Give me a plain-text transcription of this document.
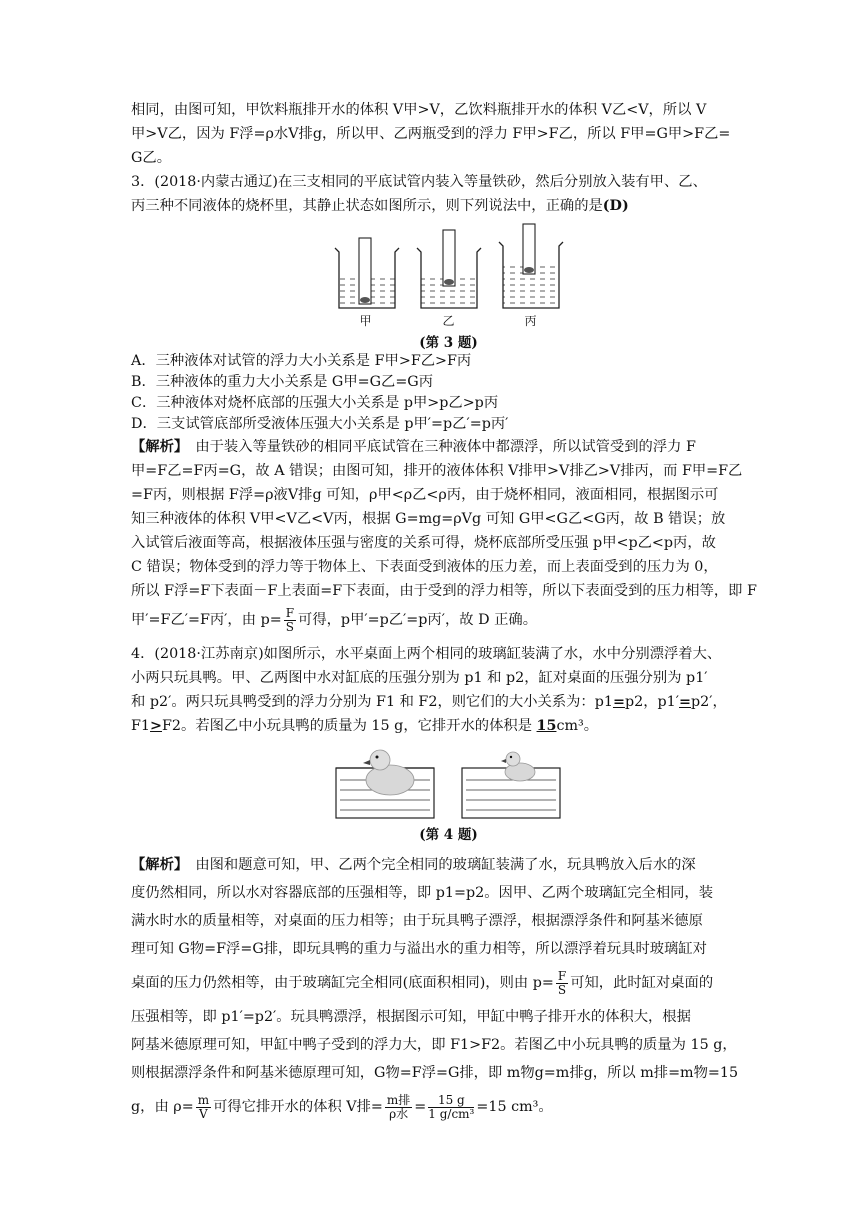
相同，由图可知，甲饮料瓶排开水的体积 V甲>V，乙饮料瓶排开水的体积 V乙<V，所以 V

甲>V乙，因为 F浮=ρ水V排g，所以甲、乙两瓶受到的浮力 F甲>F乙，所以 F甲=G甲>F乙=

G乙。

3．(2018·内蒙古通辽)在三支相同的平底试管内装入等量铁砂，然后分别放入装有甲、乙、

丙三种不同液体的烧杯里，其静止状态如图所示，则下列说法中，正确的是(D)

甲	乙	丙
(第 3 题)

A．三种液体对试管的浮力大小关系是 F甲>F乙>F丙

B．三种液体的重力大小关系是 G甲=G乙=G丙

C．三种液体对烧杯底部的压强大小关系是 p甲>p乙>p丙

D．三支试管底部所受液体压强大小关系是 p甲′=p乙′=p丙′

【解析】　 由于装入等量铁砂的相同平底试管在三种液体中都漂浮，所以试管受到的浮力 F

甲=F乙=F丙=G，故 A 错误；由图可知，排开的液体体积 V排甲>V排乙>V排丙，而 F甲=F乙

=F丙，则根据 F浮=ρ液V排g 可知，ρ甲<ρ乙<ρ丙，由于烧杯相同，液面相同，根据图示可

知三种液体的体积 V甲<V乙<V丙，根据 G=mg=ρVg 可知 G甲<G乙<G丙，故 B 错误；放

入试管后液面等高，根据液体压强与密度的关系可得，烧杯底部所受压强 p甲<p乙<p丙，故

C 错误；物体受到的浮力等于物体上、下表面受到液体的压力差，而上表面受到的压力为 0，

所以 F浮=F下表面－F上表面=F下表面，由于受到的浮力相等，所以下表面受到的压力相等，即 F

甲′=F乙′=F丙′，由 $p= \frac{F}{S}$ 可得，p甲′=p乙′=p丙′，故 D 正确。

4．(2018·江苏南京)如图所示，水平桌面上两个相同的玻璃缸装满了水，水中分别漂浮着大、

小两只玩具鸭。甲、乙两图中水对缸底的压强分别为 p1 和 p2，缸对桌面的压强分别为 p1′

和 p2′。两只玩具鸭受到的浮力分别为 F1 和 F2，则它们的大小关系为：p1=p2，p1′=p2′，

F1>F2。若图乙中小玩具鸭的质量为 15 g，它排开水的体积是 15cm³。

(第 4 题)

【解析】　 由图和题意可知，甲、乙两个完全相同的玻璃缸装满了水，玩具鸭放入后水的深

度仍然相同，所以水对容器底部的压强相等，即 p1=p2。因甲、乙两个玻璃缸完全相同，装

满水时水的质量相等，对桌面的压力相等；由于玩具鸭子漂浮，根据漂浮条件和阿基米德原

理可知 G物=F浮=G排，即玩具鸭的重力与溢出水的重力相等，所以漂浮着玩具时玻璃缸对

桌面的压力仍然相等，由于玻璃缸完全相同(底面积相同)，则由 $p= \frac{F}{S}$ 可知，此时缸对桌面的

压强相等，即 p1′=p2′。玩具鸭漂浮，根据图示可知，甲缸中鸭子排开水的体积大，根据

阿基米德原理可知，甲缸中鸭子受到的浮力大，即 F1>F2。若图乙中小玩具鸭的质量为 15 g，

则根据漂浮条件和阿基米德原理可知，G物=F浮=G排，即 m物g=m排g，所以 m排=m物=15

g，由 $\rho= \frac{m}{V}$ 可得它排开水的体积 V排= $\frac{\text{m排}}{\text{ρ水}} = \frac{15 g}{\text{1 g/cm³}} =15$ cm³。
